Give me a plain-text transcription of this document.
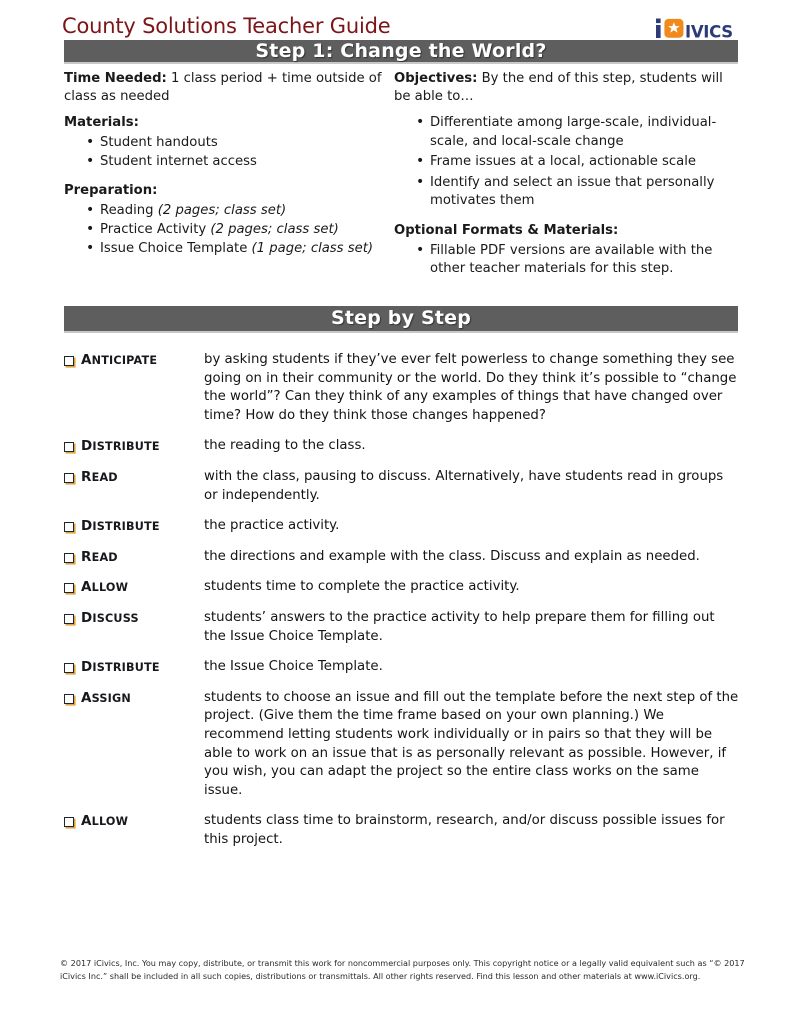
County Solutions Teacher Guide	IVICS
Step 1: Change the World?

Time Needed: 1 class period + time outside of class as needed

Materials:

• Student handouts
• Student internet access

Preparation:

• Reading (2 pages; class set)
• Practice Activity (2 pages; class set)
• Issue Choice Template (1 page; class set)

Objectives: By the end of this step, students will be able to…

• Differentiate among large-scale, individual-scale, and local-scale change
• Frame issues at a local, actionable scale
• Identify and select an issue that personally motivates them

Optional Formats & Materials:

• Fillable PDF versions are available with the other teacher materials for this step.
Step by Step
ANTICIPATE	by asking students if they’ve ever felt powerless to change something they see going on in their community or the world. Do they think it’s possible to “change the world”? Can they think of any examples of things that have changed over time? How do they think those changes happened?
DISTRIBUTE	the reading to the class.
READ	with the class, pausing to discuss. Alternatively, have students read in groups or independently.
DISTRIBUTE	the practice activity.
READ	the directions and example with the class. Discuss and explain as needed.
ALLOW	students time to complete the practice activity.
DISCUSS	students’ answers to the practice activity to help prepare them for filling out the Issue Choice Template.
DISTRIBUTE	the Issue Choice Template.
ASSIGN	students to choose an issue and fill out the template before the next step of the project. (Give them the time frame based on your own planning.) We recommend letting students work individually or in pairs so that they will be able to work on an issue that is as personally relevant as possible. However, if you wish, you can adapt the project so the entire class works on the same issue.
ALLOW	students class time to brainstorm, research, and/or discuss possible issues for this project.
© 2017 iCivics, Inc. You may copy, distribute, or transmit this work for noncommercial purposes only. This copyright notice or a legally valid equivalent such as “© 2017 iCivics Inc.” shall be included in all such copies, distributions or transmittals. All other rights reserved. Find this lesson and other materials at www.iCivics.org.
